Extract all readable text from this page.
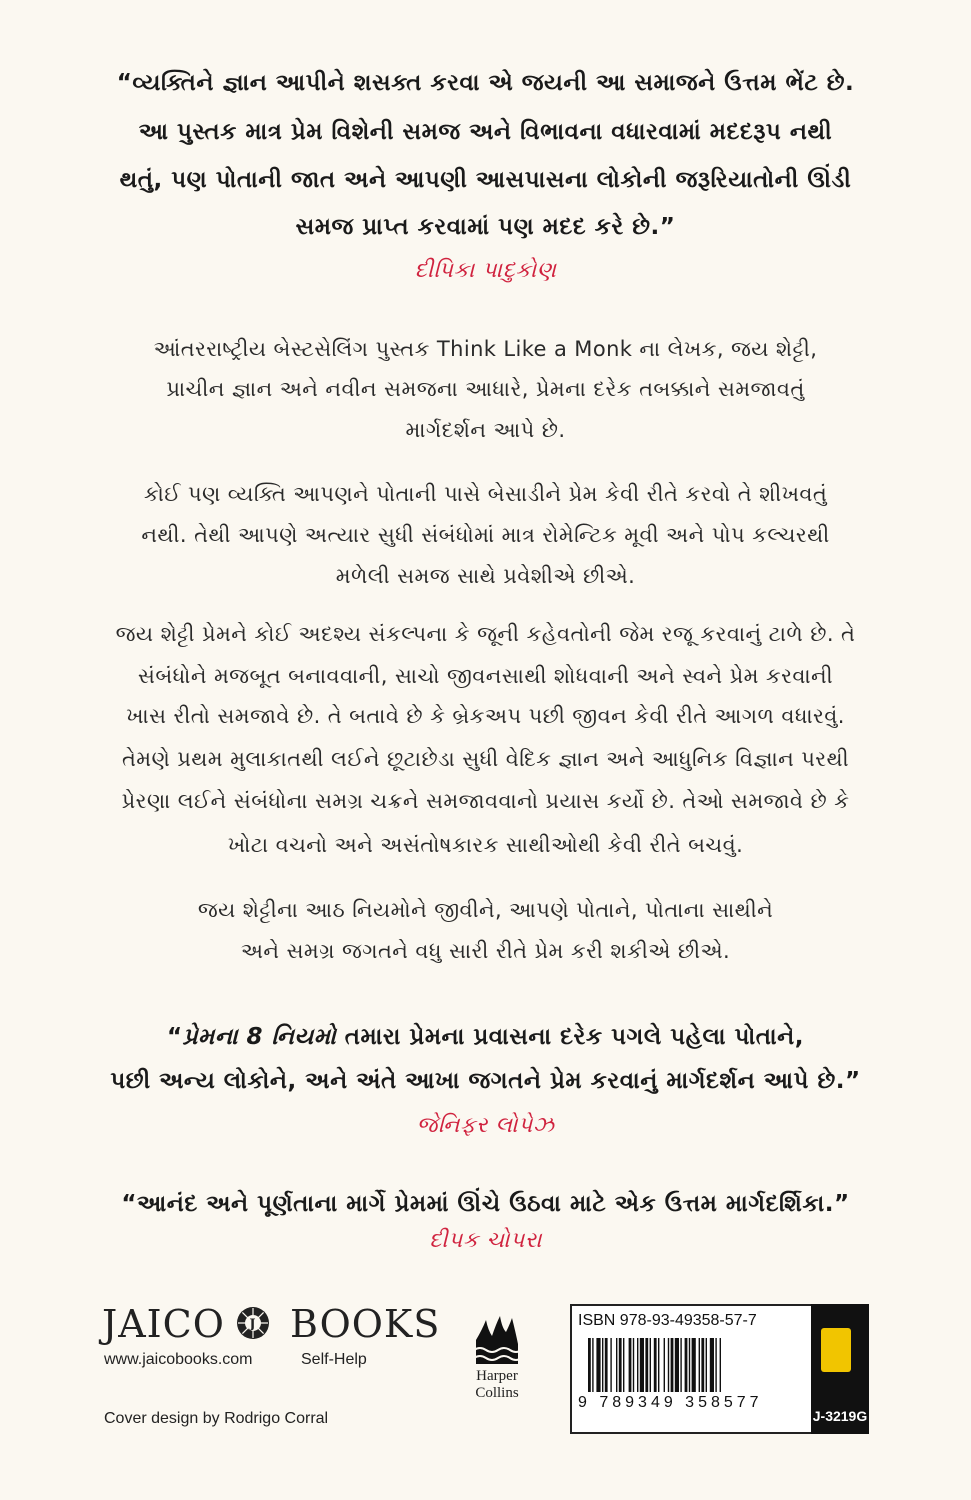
“વ્યક્તિને જ્ઞાન આપીને શસક્ત કરવા એ જયની આ સમાજને ઉત્તમ ભેંટ છે.
આ પુસ્તક માત્ર પ્રેમ વિશેની સમજ અને વિભાવના વધારવામાં મદદરૂપ નથી
થતું, પણ પોતાની જાત અને આપણી આસપાસના લોકોની જરૂરિયાતોની ઊંડી
સમજ પ્રાપ્ત કરવામાં પણ મદદ કરે છે.”
દીપિકા પાદુકોણ
આંતરરાષ્ટ્રીય બેસ્ટસેલિંગ પુસ્તક Think Like a Monk ના લેખક, જય શેટ્ટી,
પ્રાચીન જ્ઞાન અને નવીન સમજના આધારે, પ્રેમના દરેક તબક્કાને સમજાવતું
માર્ગદર્શન આપે છે.
કોઈ પણ વ્યક્તિ આપણને પોતાની પાસે બેસાડીને પ્રેમ કેવી રીતે કરવો તે શીખવતું
નથી. તેથી આપણે અત્યાર સુધી સંબંધોમાં માત્ર રોમેન્ટિક મૂવી અને પોપ કલ્ચરથી
મળેલી સમજ સાથે પ્રવેશીએ છીએ.
જય શેટ્ટી પ્રેમને કોઈ અદશ્ય સંકલ્પના કે જૂની કહેવતોની જેમ રજૂ કરવાનું ટાળે છે. તે
સંબંધોને મજબૂત બનાવવાની, સાચો જીવનસાથી શોધવાની અને સ્વને પ્રેમ કરવાની
ખાસ રીતો સમજાવે છે. તે બતાવે છે કે બ્રેકઅપ પછી જીવન કેવી રીતે આગળ વધારવું.
તેમણે પ્રથમ મુલાકાતથી લઈને છૂટાછેડા સુધી વેદિક જ્ઞાન અને આધુનિક વિજ્ઞાન પરથી
પ્રેરણા લઈને સંબંધોના સમગ્ર ચક્રને સમજાવવાનો પ્રયાસ કર્યો છે. તેઓ સમજાવે છે કે
ખોટા વચનો અને અસંતોષકારક સાથીઓથી કેવી રીતે બચવું.
જય શેટ્ટીના આઠ નિયમોને જીવીને, આપણે પોતાને, પોતાના સાથીને
અને સમગ્ર જગતને વધુ સારી રીતે પ્રેમ કરી શકીએ છીએ.
“પ્રેમના 8 નિયમો તમારા પ્રેમના પ્રવાસના દરેક પગલે પહેલા પોતાને,
પછી અન્ય લોકોને, અને અંતે આખા જગતને પ્રેમ કરવાનું માર્ગદર્શન આપે છે.”
જેનિફર લોપેઝ
“આનંદ અને પૂર્ણતાના માર્ગે પ્રેમમાં ઊંચે ઉઠવા માટે એક ઉત્તમ માર્ગદર્શિકા.”
દીપક ચોપરા
JAICO J BOOKS
www.jaicobooks.com	Self-Help
Cover design by Rodrigo Corral
Harper
Collins
ISBN 978-93-49358-57-7
9 789349 358577
J-3219G
